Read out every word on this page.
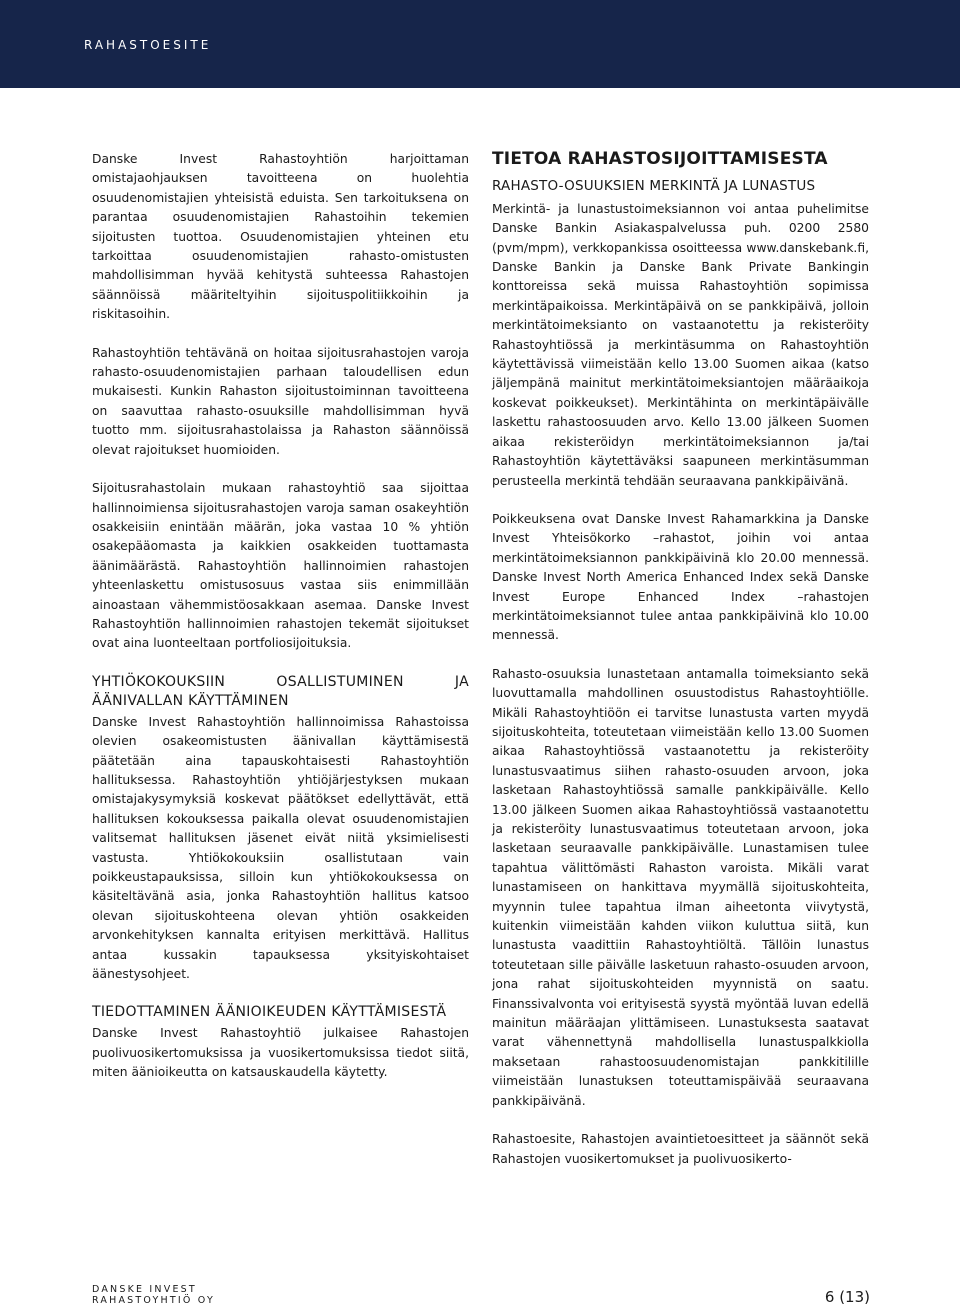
RAHASTOESITE

Danske Invest Rahastoyhtiön harjoittaman omistajaohjauksen tavoitteena on huolehtia osuudenomistajien yhteisistä eduista. Sen tarkoituksena on parantaa osuudenomistajien Rahastoihin tekemien sijoitusten tuottoa. Osuudenomistajien yhteinen etu tarkoittaa osuudenomistajien rahasto-omistusten mahdollisimman hyvää kehitystä suhteessa Rahastojen säännöissä määriteltyihin sijoituspolitiikkoihin ja riskitasoihin.

Rahastoyhtiön tehtävänä on hoitaa sijoitusrahastojen varoja rahasto-osuudenomistajien parhaan taloudellisen edun mukaisesti. Kunkin Rahaston sijoitustoiminnan tavoitteena on saavuttaa rahasto-osuuksille mahdollisimman hyvä tuotto mm. sijoitusrahastolaissa ja Rahaston säännöissä olevat rajoitukset huomioiden.

Sijoitusrahastolain mukaan rahastoyhtiö saa sijoittaa hallinnoimiensa sijoitusrahastojen varoja saman osakeyhtiön osakkeisiin enintään määrän, joka vastaa 10 % yhtiön osakepääomasta ja kaikkien osakkeiden tuottamasta äänimäärästä. Rahastoyhtiön hallinnoimien rahastojen yhteenlaskettu omistusosuus vastaa siis enimmillään ainoastaan vähemmistöosakkaan asemaa. Danske Invest Rahastoyhtiön hallinnoimien rahastojen tekemät sijoitukset ovat aina luonteeltaan portfoliosijoituksia.

YHTIÖKOKOUKSIIN OSALLISTUMINEN JA ÄÄNIVALLAN KÄYTTÄMINEN

Danske Invest Rahastoyhtiön hallinnoimissa Rahastoissa olevien osakeomistusten äänivallan käyttämisestä päätetään aina tapauskohtaisesti Rahastoyhtiön hallituksessa. Rahastoyhtiön yhtiöjärjestyksen mukaan omistajakysymyksiä koskevat päätökset edellyttävät, että hallituksen kokouksessa paikalla olevat osuudenomistajien valitsemat hallituksen jäsenet eivät niitä yksimielisesti vastusta. Yhtiökokouksiin osallistutaan vain poikkeustapauksissa, silloin kun yhtiökokouksessa on käsiteltävänä asia, jonka Rahastoyhtiön hallitus katsoo olevan sijoituskohteena olevan yhtiön osakkeiden arvonkehityksen kannalta erityisen merkittävä. Hallitus antaa kussakin tapauksessa yksityiskohtaiset äänestysohjeet.

TIEDOTTAMINEN ÄÄNIOIKEUDEN KÄYTTÄMISESTÄ

Danske Invest Rahastoyhtiö julkaisee Rahastojen puolivuosikertomuksissa ja vuosikertomuksissa tiedot siitä, miten äänioikeutta on katsauskaudella käytetty.

TIETOA RAHASTOSIJOITTAMISESTA
RAHASTO-OSUUKSIEN MERKINTÄ JA LUNASTUS

Merkintä- ja lunastustoimeksiannon voi antaa puhelimitse Danske Bankin Asiakaspalvelussa puh. 0200 2580 (pvm/mpm), verkkopankissa osoitteessa www.danskebank.fi, Danske Bankin ja Danske Bank Private Bankingin konttoreissa sekä muissa Rahastoyhtiön sopimissa merkintäpaikoissa. Merkintäpäivä on se pankkipäivä, jolloin merkintätoimeksianto on vastaanotettu ja rekisteröity Rahastoyhtiössä ja merkintäsumma on Rahastoyhtiön käytettävissä viimeistään kello 13.00 Suomen aikaa (katso jäljempänä mainitut merkintätoimeksiantojen määräaikoja koskevat poikkeukset). Merkintähinta on merkintäpäivälle laskettu rahastoosuuden arvo. Kello 13.00 jälkeen Suomen aikaa rekisteröidyn merkintätoimeksiannon ja/tai Rahastoyhtiön käytettäväksi saapuneen merkintäsumman perusteella merkintä tehdään seuraavana pankkipäivänä.

Poikkeuksena ovat Danske Invest Rahamarkkina ja Danske Invest Yhteisökorko –rahastot, joihin voi antaa merkintätoimeksiannon pankkipäivinä klo 20.00 mennessä. Danske Invest North America Enhanced Index sekä Danske Invest Europe Enhanced Index –rahastojen merkintätoimeksiannot tulee antaa pankkipäivinä klo 10.00 mennessä.

Rahasto-osuuksia lunastetaan antamalla toimeksianto sekä luovuttamalla mahdollinen osuustodistus Rahastoyhtiölle. Mikäli Rahastoyhtiöön ei tarvitse lunastusta varten myydä sijoituskohteita, toteutetaan viimeistään kello 13.00 Suomen aikaa Rahastoyhtiössä vastaanotettu ja rekisteröity lunastusvaatimus siihen rahasto-osuuden arvoon, joka lasketaan Rahastoyhtiössä samalle pankkipäivälle. Kello 13.00 jälkeen Suomen aikaa Rahastoyhtiössä vastaanotettu ja rekisteröity lunastusvaatimus toteutetaan arvoon, joka lasketaan seuraavalle pankkipäivälle. Lunastamisen tulee tapahtua välittömästi Rahaston varoista. Mikäli varat lunastamiseen on hankittava myymällä sijoituskohteita, myynnin tulee tapahtua ilman aiheetonta viivytystä, kuitenkin viimeistään kahden viikon kuluttua siitä, kun lunastusta vaadittiin Rahastoyhtiöltä. Tällöin lunastus toteutetaan sille päivälle lasketuun rahasto-osuuden arvoon, jona rahat sijoituskohteiden myynnistä on saatu. Finanssivalvonta voi erityisestä syystä myöntää luvan edellä mainitun määräajan ylittämiseen. Lunastuksesta saatavat varat vähennettynä mahdollisella lunastuspalkkiolla maksetaan rahastoosuudenomistajan pankkitilille viimeistään lunastuksen toteuttamispäivää seuraavana pankkipäivänä.

Rahastoesite, Rahastojen avaintietoesitteet ja säännöt sekä Rahastojen vuosikertomukset ja puolivuosikerto-

DANSKE INVEST
RAHASTOYHTIÖ OY	6 (13)
